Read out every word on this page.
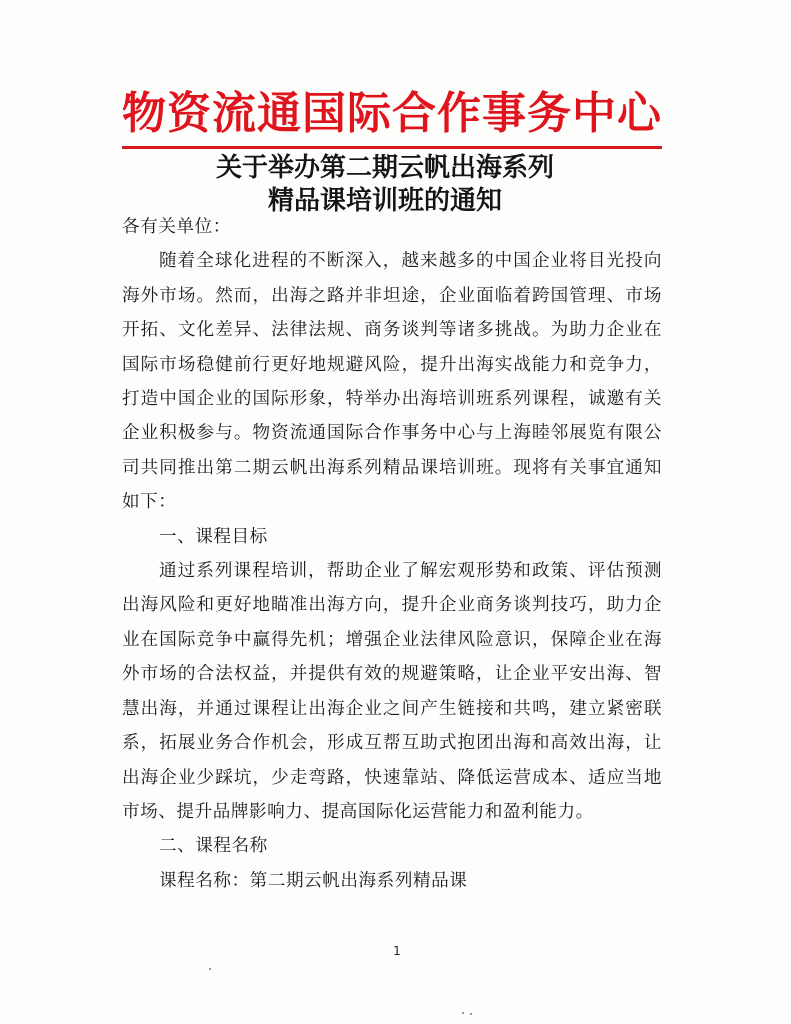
物资流通国际合作事务中心
关于举办第二期云帆出海系列
精品课培训班的通知

各有关单位：

随着全球化进程的不断深入，越来越多的中国企业将目光投向海外市场。然而，出海之路并非坦途，企业面临着跨国管理、市场开拓、文化差异、法律法规、商务谈判等诸多挑战。为助力企业在国际市场稳健前行更好地规避风险，提升出海实战能力和竞争力，打造中国企业的国际形象，特举办出海培训班系列课程，诚邀有关企业积极参与。物资流通国际合作事务中心与上海睦邻展览有限公司共同推出第二期云帆出海系列精品课培训班。现将有关事宜通知如下：

一、课程目标

通过系列课程培训，帮助企业了解宏观形势和政策、评估预测出海风险和更好地瞄准出海方向，提升企业商务谈判技巧，助力企业在国际竞争中赢得先机；增强企业法律风险意识，保障企业在海外市场的合法权益，并提供有效的规避策略，让企业平安出海、智慧出海，并通过课程让出海企业之间产生链接和共鸣，建立紧密联系，拓展业务合作机会，形成互帮互助式抱团出海和高效出海，让出海企业少踩坑，少走弯路，快速靠站、降低运营成本、适应当地市场、提升品牌影响力、提高国际化运营能力和盈利能力。

二、课程名称

课程名称：第二期云帆出海系列精品课

1
